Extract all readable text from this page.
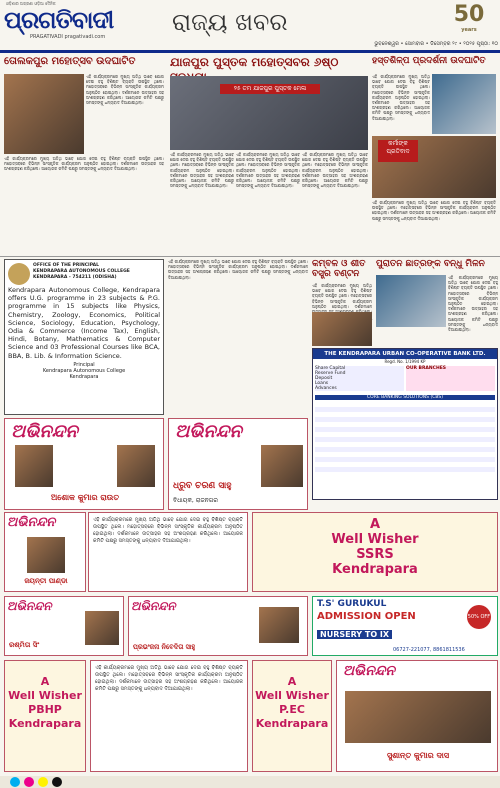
ଓଡ଼ିଶାର ଅଗ୍ରଣୀ ଓଡ଼ିଆ ଦୈନିକ
ପ୍ରଗତିବାଦୀ
PRAGATIVADI pragativadi.com
ରାଜ୍ୟ ଖବର	50
years
ଭୁବନେଶ୍ୱର • ସୋମବାର • ଡିସେମ୍ବର ୨୯ • ୨୦୨୫ ପୃଷ୍ଠା: ୧୦
ତୋଲକପୁର ମହୋତ୍ସବ ଉଦଘାଟିତ	ଯାଜପୁର ପୁସ୍ତକ ମହୋତ୍ସବର ୬ଷ୍ଠ	ହସ୍ତଶିଳ୍ପ ପ୍ରଦର୍ଶନୀ ଉଦଘାଟିତ
ଏହି କାର୍ଯ୍ୟକ୍ରମରେ ମୁଖ୍ୟ ଅତିଥି ଭାବେ ଯୋଗ ଦେଇ ବହୁ ବିଶିଷ୍ଟ ବ୍ୟକ୍ତି ଉପସ୍ଥିତ ଥିଲେ। ମହୋତ୍ସବରେ ବିଭିନ୍ନ ସାଂସ୍କୃତିକ କାର୍ଯ୍ୟକ୍ରମ ଅନୁଷ୍ଠିତ ହୋଇଥିଲା। ଦର୍ଶକମାନେ ଉତ୍ସାହର ସହ ଅଂଶଗ୍ରହଣ କରିଥିଲେ। ଆୟୋଜକ କମିଟି ପକ୍ଷରୁ ସମସ୍ତଙ୍କୁ ଧନ୍ୟବାଦ ଦିଆଯାଇଥିଲା।
ଏହି କାର୍ଯ୍ୟକ୍ରମରେ ମୁଖ୍ୟ ଅତିଥି ଭାବେ ଯୋଗ ଦେଇ ବହୁ ବିଶିଷ୍ଟ ବ୍ୟକ୍ତି ଉପସ୍ଥିତ ଥିଲେ। ମହୋତ୍ସବରେ ବିଭିନ୍ନ ସାଂସ୍କୃତିକ କାର୍ଯ୍ୟକ୍ରମ ଅନୁଷ୍ଠିତ ହୋଇଥିଲା। ଦର୍ଶକମାନେ ଉତ୍ସାହର ସହ ଅଂଶଗ୍ରହଣ କରିଥିଲେ। ଆୟୋଜକ କମିଟି ପକ୍ଷରୁ ସମସ୍ତଙ୍କୁ ଧନ୍ୟବାଦ ଦିଆଯାଇଥିଲା।
୨୫ ତମ ଯାଜପୁର ପୁସ୍ତକ ମେଳା
ଏହି କାର୍ଯ୍ୟକ୍ରମରେ ମୁଖ୍ୟ ଅତିଥି ଭାବେ ଯୋଗ ଦେଇ ବହୁ ବିଶିଷ୍ଟ ବ୍ୟକ୍ତି ଉପସ୍ଥିତ ଥିଲେ। ମହୋତ୍ସବରେ ବିଭିନ୍ନ ସାଂସ୍କୃତିକ କାର୍ଯ୍ୟକ୍ରମ ଅନୁଷ୍ଠିତ ହୋଇଥିଲା। ଦର୍ଶକମାନେ ଉତ୍ସାହର ସହ ଅଂଶଗ୍ରହଣ କରିଥିଲେ। ଆୟୋଜକ କମିଟି ପକ୍ଷରୁ ସମସ୍ତଙ୍କୁ ଧନ୍ୟବାଦ ଦିଆଯାଇଥିଲା।
ଏହି କାର୍ଯ୍ୟକ୍ରମରେ ମୁଖ୍ୟ ଅତିଥି ଭାବେ ଯୋଗ ଦେଇ ବହୁ ବିଶିଷ୍ଟ ବ୍ୟକ୍ତି ଉପସ୍ଥିତ ଥିଲେ। ମହୋତ୍ସବରେ ବିଭିନ୍ନ ସାଂସ୍କୃତିକ କାର୍ଯ୍ୟକ୍ରମ ଅନୁଷ୍ଠିତ ହୋଇଥିଲା। ଦର୍ଶକମାନେ ଉତ୍ସାହର ସହ ଅଂଶଗ୍ରହଣ କରିଥିଲେ। ଆୟୋଜକ କମିଟି ପକ୍ଷରୁ ସମସ୍ତଙ୍କୁ ଧନ୍ୟବାଦ ଦିଆଯାଇଥିଲା।
ଏହି କାର୍ଯ୍ୟକ୍ରମରେ ମୁଖ୍ୟ ଅତିଥି ଭାବେ ଯୋଗ ଦେଇ ବହୁ ବିଶିଷ୍ଟ ବ୍ୟକ୍ତି ଉପସ୍ଥିତ ଥିଲେ। ମହୋତ୍ସବରେ ବିଭିନ୍ନ ସାଂସ୍କୃତିକ କାର୍ଯ୍ୟକ୍ରମ ଅନୁଷ୍ଠିତ ହୋଇଥିଲା। ଦର୍ଶକମାନେ ଉତ୍ସାହର ସହ ଅଂଶଗ୍ରହଣ କରିଥିଲେ। ଆୟୋଜକ କମିଟି ପକ୍ଷରୁ ସମସ୍ତଙ୍କୁ ଧନ୍ୟବାଦ ଦିଆଯାଇଥିଲା।
ଏହି କାର୍ଯ୍ୟକ୍ରମରେ ମୁଖ୍ୟ ଅତିଥି ଭାବେ ଯୋଗ ଦେଇ ବହୁ ବିଶିଷ୍ଟ ବ୍ୟକ୍ତି ଉପସ୍ଥିତ ଥିଲେ। ମହୋତ୍ସବରେ ବିଭିନ୍ନ ସାଂସ୍କୃତିକ କାର୍ଯ୍ୟକ୍ରମ ଅନୁଷ୍ଠିତ ହୋଇଥିଲା। ଦର୍ଶକମାନେ ଉତ୍ସାହର ସହ ଅଂଶଗ୍ରହଣ କରିଥିଲେ। ଆୟୋଜକ କମିଟି ପକ୍ଷରୁ ସମସ୍ତଙ୍କୁ ଧନ୍ୟବାଦ ଦିଆଯାଇଥିଲା।
କର୍ମୀଙ୍କ ପ୍ରତିବାଦ
ଏହି କାର୍ଯ୍ୟକ୍ରମରେ ମୁଖ୍ୟ ଅତିଥି ଭାବେ ଯୋଗ ଦେଇ ବହୁ ବିଶିଷ୍ଟ ବ୍ୟକ୍ତି ଉପସ୍ଥିତ ଥିଲେ। ମହୋତ୍ସବରେ ବିଭିନ୍ନ ସାଂସ୍କୃତିକ କାର୍ଯ୍ୟକ୍ରମ ଅନୁଷ୍ଠିତ ହୋଇଥିଲା। ଦର୍ଶକମାନେ ଉତ୍ସାହର ସହ ଅଂଶଗ୍ରହଣ କରିଥିଲେ। ଆୟୋଜକ କମିଟି ପକ୍ଷରୁ ସମସ୍ତଙ୍କୁ ଧନ୍ୟବାଦ ଦିଆଯାଇଥିଲା।
OFFICE OF THE PRINCIPAL
KENDRAPARA AUTONOMOUS COLLEGE
KENDRAPARA - 754211 (ODISHA)
Kendrapara Autonomous College, Kendrapara offers U.G. programme in 23 subjects & P.G. programme in 15 subjects like Physics, Chemistry, Zoology, Economics, Political Science, Sociology, Education, Psychology, Odia & Commerce (Income Tax), English, Hindi, Botany, Mathematics & Computer Science and 03 Professional Courses like BCA, BBA, B. Lib. & Information Science.
Principal
Kendrapara Autonomous College
Kendrapara
ଏହି କାର୍ଯ୍ୟକ୍ରମରେ ମୁଖ୍ୟ ଅତିଥି ଭାବେ ଯୋଗ ଦେଇ ବହୁ ବିଶିଷ୍ଟ ବ୍ୟକ୍ତି ଉପସ୍ଥିତ ଥିଲେ। ମହୋତ୍ସବରେ ବିଭିନ୍ନ ସାଂସ୍କୃତିକ କାର୍ଯ୍ୟକ୍ରମ ଅନୁଷ୍ଠିତ ହୋଇଥିଲା। ଦର୍ଶକମାନେ ଉତ୍ସାହର ସହ ଅଂଶଗ୍ରହଣ କରିଥିଲେ। ଆୟୋଜକ କମିଟି ପକ୍ଷରୁ ସମସ୍ତଙ୍କୁ ଧନ୍ୟବାଦ ଦିଆଯାଇଥିଲା।
କମ୍ବଳ ଓ ଶୀତ ବସ୍ତ୍ର ବଣ୍ଟନ
ପୁରାତନ ଛାତ୍ରଙ୍କ ବନ୍ଧୁ ମିଳନ
ଏହି କାର୍ଯ୍ୟକ୍ରମରେ ମୁଖ୍ୟ ଅତିଥି ଭାବେ ଯୋଗ ଦେଇ ବହୁ ବିଶିଷ୍ଟ ବ୍ୟକ୍ତି ଉପସ୍ଥିତ ଥିଲେ। ମହୋତ୍ସବରେ ବିଭିନ୍ନ ସାଂସ୍କୃତିକ କାର୍ଯ୍ୟକ୍ରମ ଅନୁଷ୍ଠିତ ହୋଇଥିଲା। ଦର୍ଶକମାନେ
ଏହି କାର୍ଯ୍ୟକ୍ରମରେ ମୁଖ୍ୟ ଅତିଥି ଭାବେ ଯୋଗ ଦେଇ ବହୁ ବିଶିଷ୍ଟ ବ୍ୟକ୍ତି ଉପସ୍ଥିତ ଥିଲେ। ମହୋତ୍ସବରେ ବିଭିନ୍ନ ସାଂସ୍କୃତିକ କାର୍ଯ୍ୟକ୍ରମ ଅନୁଷ୍ଠିତ ହୋଇଥିଲା। ଦର୍ଶକମାନେ ଉତ୍ସାହର ସହ ଅଂଶଗ୍ରହଣ କରିଥିଲେ। ଆୟୋଜକ କମିଟି ପକ୍ଷରୁ ସମସ୍ତଙ୍କୁ ଧନ୍ୟବାଦ ଦିଆଯାଇଥିଲା।
THE KENDRAPARA URBAN CO-OPERATIVE BANK LTD.
Regd. No. 1/1994 KP
Share Capital
Reserve Fund
Deposit
Loans
Advances
OUR BRANCHES
CORE BANKING SOLUTIONS (CBS)
ଅଭିନନ୍ଦନ
ଅଶୋକ କୁମାର ରାଉତ
ଅଭିନନ୍ଦନ
ଧ୍ରୁବ ଚରଣ ସାହୁ
ବିଧାୟକ, ରାଜନଗର
ଅଭିନନ୍ଦନ
ଜୟନ୍ତୀ ପାଣ୍ଡା
ଏହି କାର୍ଯ୍ୟକ୍ରମରେ ମୁଖ୍ୟ ଅତିଥି ଭାବେ ଯୋଗ ଦେଇ ବହୁ ବିଶିଷ୍ଟ ବ୍ୟକ୍ତି ଉପସ୍ଥିତ ଥିଲେ। ମହୋତ୍ସବରେ ବିଭିନ୍ନ ସାଂସ୍କୃତିକ କାର୍ଯ୍ୟକ୍ରମ ଅନୁଷ୍ଠିତ ହୋଇଥିଲା। ଦର୍ଶକମାନେ ଉତ୍ସାହର ସହ ଅଂଶଗ୍ରହଣ କରିଥିଲେ। ଆୟୋଜକ କମିଟି ପକ୍ଷରୁ ସମସ୍ତଙ୍କୁ ଧନ୍ୟବାଦ ଦିଆଯାଇଥିଲା।
A
Well Wisher
SSRS
Kendrapara
ଅଭିନନ୍ଦନ
ରଶ୍ମିତା ସିଂ
ଅଭିନନ୍ଦନ
ପ୍ରଭଂଜନା ନିବେଦିତା ସାହୁ
T.S' GURUKUL
ADMISSION OPEN
NURSERY TO IX
50% OFF
06727-221077, 8861811536
A
Well Wisher
PBHP
Kendrapara
ଏହି କାର୍ଯ୍ୟକ୍ରମରେ ମୁଖ୍ୟ ଅତିଥି ଭାବେ ଯୋଗ ଦେଇ ବହୁ ବିଶିଷ୍ଟ ବ୍ୟକ୍ତି ଉପସ୍ଥିତ ଥିଲେ। ମହୋତ୍ସବରେ ବିଭିନ୍ନ ସାଂସ୍କୃତିକ କାର୍ଯ୍ୟକ୍ରମ ଅନୁଷ୍ଠିତ ହୋଇଥିଲା। ଦର୍ଶକମାନେ ଉତ୍ସାହର ସହ ଅଂଶଗ୍ରହଣ କରିଥିଲେ। ଆୟୋଜକ କମିଟି ପକ୍ଷରୁ ସମସ୍ତଙ୍କୁ ଧନ୍ୟବାଦ ଦିଆଯାଇଥିଲା।
A
Well Wisher
P.EC
Kendrapara
ଅଭିନନ୍ଦନ
ସୁଶାନ୍ତ କୁମାର ଦାସ
